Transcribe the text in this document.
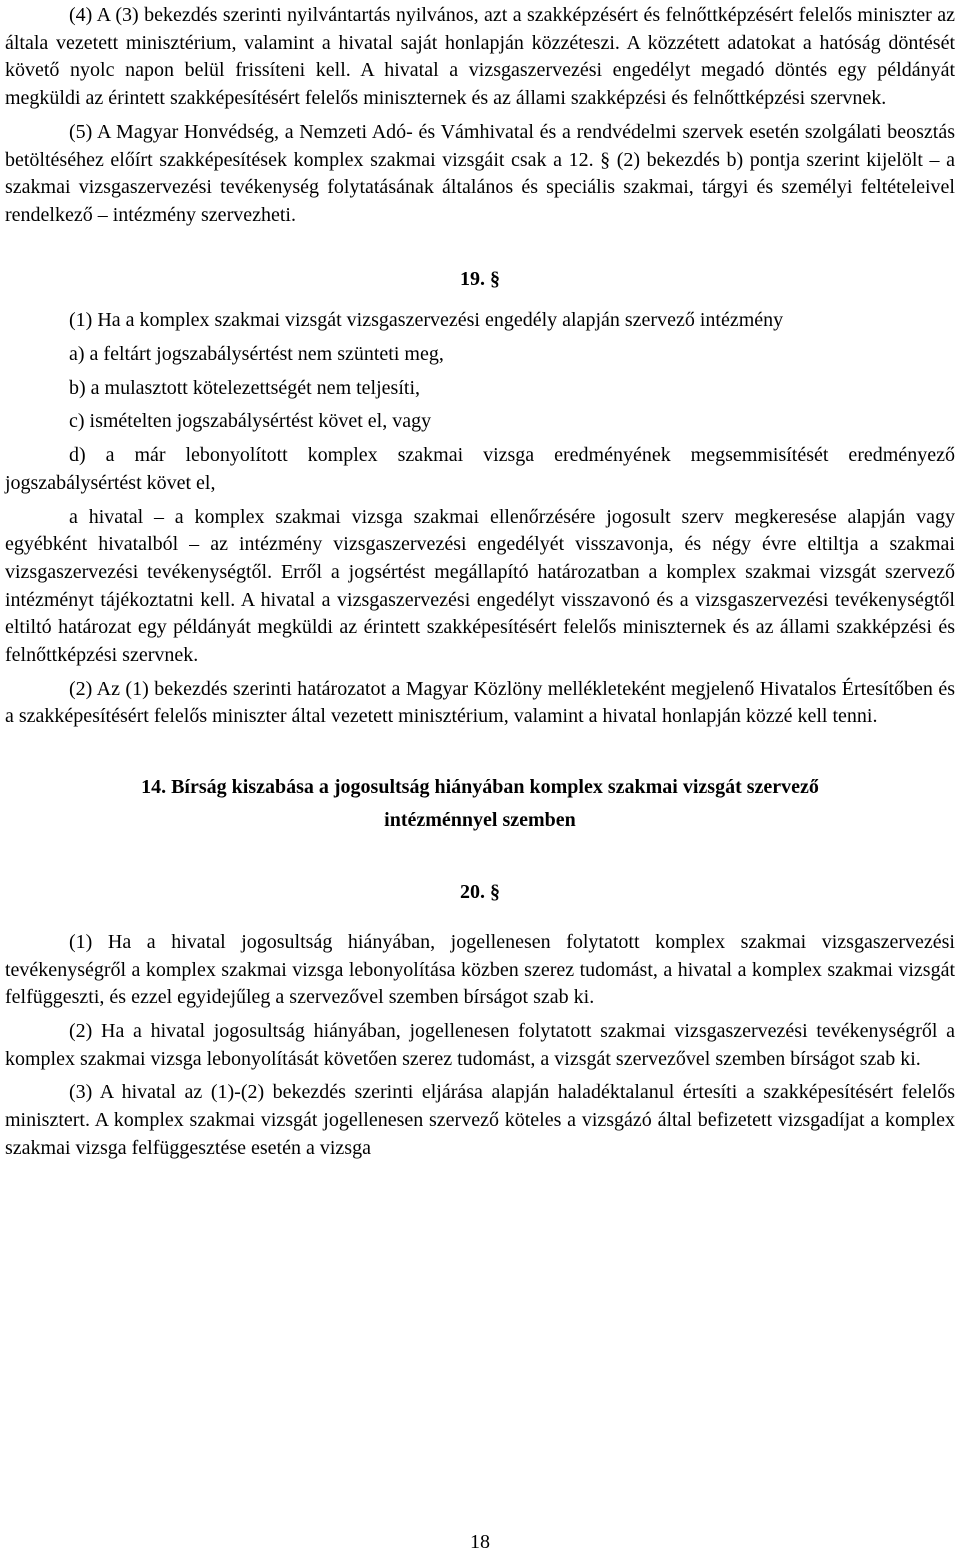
(4) A (3) bekezdés szerinti nyilvántartás nyilvános, azt a szakképzésért és felnőttképzésért felelős miniszter az általa vezetett minisztérium, valamint a hivatal saját honlapján közzéteszi. A közzétett adatokat a hatóság döntését követő nyolc napon belül frissíteni kell. A hivatal a vizsgaszervezési engedélyt megadó döntés egy példányát megküldi az érintett szakképesítésért felelős miniszternek és az állami szakképzési és felnőttképzési szervnek.

(5) A Magyar Honvédség, a Nemzeti Adó- és Vámhivatal és a rendvédelmi szervek esetén szolgálati beosztás betöltéséhez előírt szakképesítések komplex szakmai vizsgáit csak a 12. § (2) bekezdés b) pontja szerint kijelölt – a szakmai vizsgaszervezési tevékenység folytatásának általános és speciális szakmai, tárgyi és személyi feltételeivel rendelkező – intézmény szervezheti.

19. §

(1) Ha a komplex szakmai vizsgát vizsgaszervezési engedély alapján szervező intézmény

a) a feltárt jogszabálysértést nem szünteti meg,

b) a mulasztott kötelezettségét nem teljesíti,

c) ismételten jogszabálysértést követ el, vagy

d) a már lebonyolított komplex szakmai vizsga eredményének megsemmisítését eredményező jogszabálysértést követ el,

a hivatal – a komplex szakmai vizsga szakmai ellenőrzésére jogosult szerv megkeresése alapján vagy egyébként hivatalból – az intézmény vizsgaszervezési engedélyét visszavonja, és négy évre eltiltja a szakmai vizsgaszervezési tevékenységtől. Erről a jogsértést megállapító határozatban a komplex szakmai vizsgát szervező intézményt tájékoztatni kell. A hivatal a vizsgaszervezési engedélyt visszavonó és a vizsgaszervezési tevékenységtől eltiltó határozat egy példányát megküldi az érintett szakképesítésért felelős miniszternek és az állami szakképzési és felnőttképzési szervnek.

(2) Az (1) bekezdés szerinti határozatot a Magyar Közlöny mellékleteként megjelenő Hivatalos Értesítőben és a szakképesítésért felelős miniszter által vezetett minisztérium, valamint a hivatal honlapján közzé kell tenni.

14. Bírság kiszabása a jogosultság hiányában komplex szakmai vizsgát szervező
intézménnyel szemben
20. §

(1) Ha a hivatal jogosultság hiányában, jogellenesen folytatott komplex szakmai vizsgaszervezési tevékenységről a komplex szakmai vizsga lebonyolítása közben szerez tudomást, a hivatal a komplex szakmai vizsgát felfüggeszti, és ezzel egyidejűleg a szervezővel szemben bírságot szab ki.

(2) Ha a hivatal jogosultság hiányában, jogellenesen folytatott szakmai vizsgaszervezési tevékenységről a komplex szakmai vizsga lebonyolítását követően szerez tudomást, a vizsgát szervezővel szemben bírságot szab ki.

(3) A hivatal az (1)-(2) bekezdés szerinti eljárása alapján haladéktalanul értesíti a szakképesítésért felelős minisztert. A komplex szakmai vizsgát jogellenesen szervező köteles a vizsgázó által befizetett vizsgadíjat a komplex szakmai vizsga felfüggesztése esetén a vizsga

18
